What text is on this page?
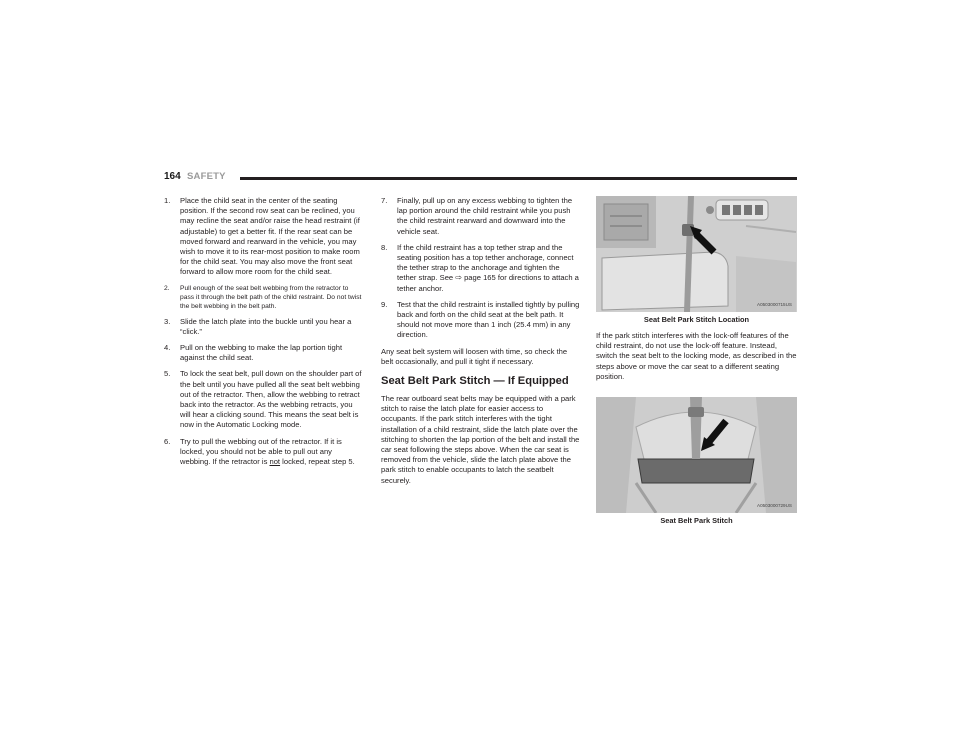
164 SAFETY
1. Place the child seat in the center of the seating position. If the second row seat can be reclined, you may recline the seat and/or raise the head restraint (if adjustable) to get a better fit. If the rear seat can be moved forward and rearward in the vehicle, you may wish to move it to its rear-most position to make room for the child seat. You may also move the front seat forward to allow more room for the child seat.
2. Pull enough of the seat belt webbing from the retractor to pass it through the belt path of the child restraint. Do not twist the belt webbing in the belt path.
3. Slide the latch plate into the buckle until you hear a “click.”
4. Pull on the webbing to make the lap portion tight against the child seat.
5. To lock the seat belt, pull down on the shoulder part of the belt until you have pulled all the seat belt webbing out of the retractor. Then, allow the webbing to retract back into the retractor. As the webbing retracts, you will hear a clicking sound. This means the seat belt is now in the Automatic Locking mode.
6. Try to pull the webbing out of the retractor. If it is locked, you should not be able to pull out any webbing. If the retractor is not locked, repeat step 5.
7. Finally, pull up on any excess webbing to tighten the lap portion around the child restraint while you push the child restraint rearward and downward into the vehicle seat.
8. If the child restraint has a top tether strap and the seating position has a top tether anchorage, connect the tether strap to the anchorage and tighten the tether strap. See ⇨ page 165 for directions to attach a tether anchor.
9. Test that the child restraint is installed tightly by pulling back and forth on the child seat at the belt path. It should not move more than 1 inch (25.4 mm) in any direction.

Any seat belt system will loosen with time, so check the belt occasionally, and pull it tight if necessary.

Seat Belt Park Stitch — If Equipped

The rear outboard seat belts may be equipped with a park stitch to raise the latch plate for easier access to occupants. If the park stitch interferes with the tight installation of a child restraint, slide the latch plate over the stitching to shorten the lap portion of the belt and install the car seat following the steps above. When the car seat is removed from the vehicle, slide the latch plate above the park stitch to enable occupants to latch the seatbelt securely.

A0503000715US

Seat Belt Park Stitch Location

If the park stitch interferes with the lock-off features of the child restraint, do not use the lock-off feature. Instead, switch the seat belt to the locking mode, as described in the steps above or move the car seat to a different seating position.

A0503000729US

Seat Belt Park Stitch
